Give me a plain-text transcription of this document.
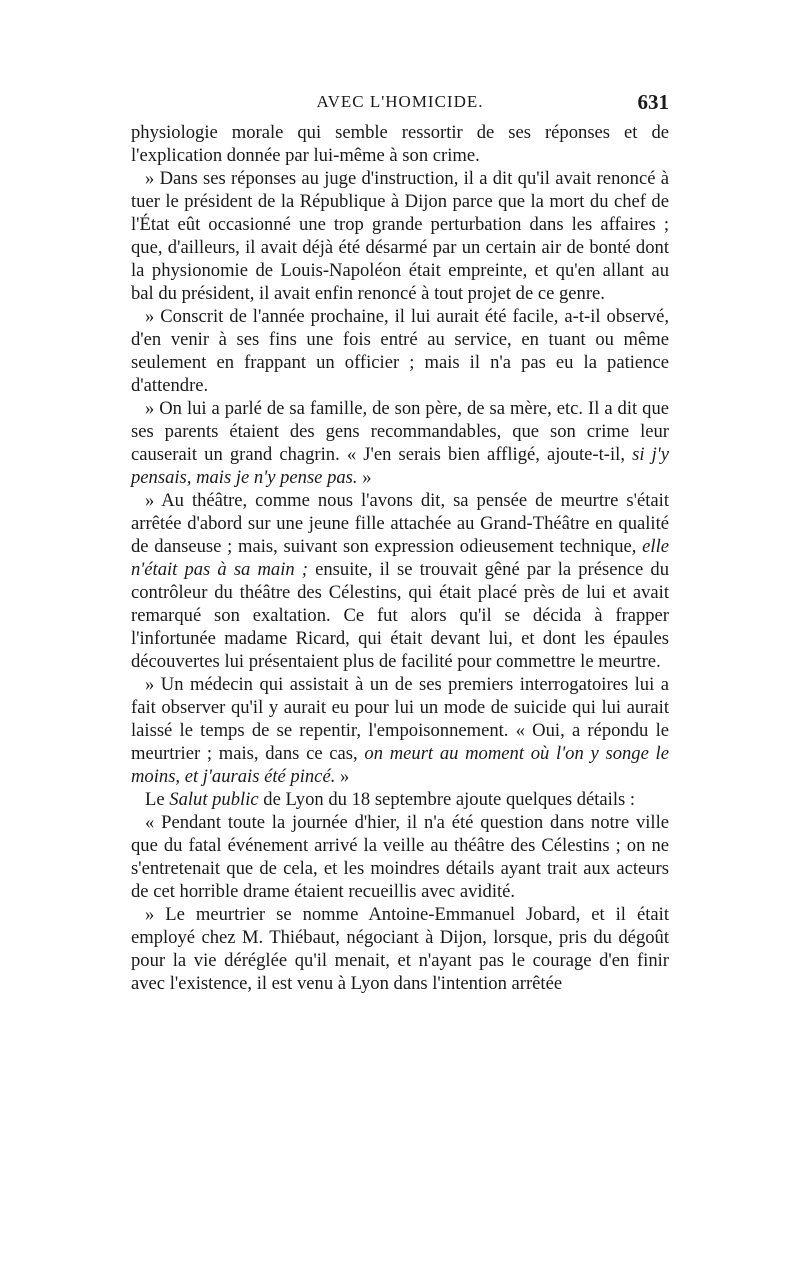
AVEC L'HOMICIDE.	631

physiologie morale qui semble ressortir de ses réponses et de l'explication donnée par lui-même à son crime.

» Dans ses réponses au juge d'instruction, il a dit qu'il avait renoncé à tuer le président de la République à Dijon parce que la mort du chef de l'État eût occasionné une trop grande perturbation dans les affaires ; que, d'ailleurs, il avait déjà été désarmé par un certain air de bonté dont la physionomie de Louis-Napoléon était empreinte, et qu'en allant au bal du président, il avait enfin renoncé à tout projet de ce genre.

» Conscrit de l'année prochaine, il lui aurait été facile, a-t-il observé, d'en venir à ses fins une fois entré au service, en tuant ou même seulement en frappant un officier ; mais il n'a pas eu la patience d'attendre.

» On lui a parlé de sa famille, de son père, de sa mère, etc. Il a dit que ses parents étaient des gens recommandables, que son crime leur causerait un grand chagrin. « J'en serais bien affligé, ajoute-t-il, si j'y pensais, mais je n'y pense pas. »

» Au théâtre, comme nous l'avons dit, sa pensée de meurtre s'était arrêtée d'abord sur une jeune fille attachée au Grand-Théâtre en qualité de danseuse ; mais, suivant son expression odieusement technique, elle n'était pas à sa main ; ensuite, il se trouvait gêné par la présence du contrôleur du théâtre des Célestins, qui était placé près de lui et avait remarqué son exaltation. Ce fut alors qu'il se décida à frapper l'infortunée madame Ricard, qui était devant lui, et dont les épaules découvertes lui présentaient plus de facilité pour commettre le meurtre.

» Un médecin qui assistait à un de ses premiers interrogatoires lui a fait observer qu'il y aurait eu pour lui un mode de suicide qui lui aurait laissé le temps de se repentir, l'empoisonnement. « Oui, a répondu le meurtrier ; mais, dans ce cas, on meurt au moment où l'on y songe le moins, et j'aurais été pincé. »

Le Salut public de Lyon du 18 septembre ajoute quelques détails :

« Pendant toute la journée d'hier, il n'a été question dans notre ville que du fatal événement arrivé la veille au théâtre des Célestins ; on ne s'entretenait que de cela, et les moindres détails ayant trait aux acteurs de cet horrible drame étaient recueillis avec avidité.

» Le meurtrier se nomme Antoine-Emmanuel Jobard, et il était employé chez M. Thiébaut, négociant à Dijon, lorsque, pris du dégoût pour la vie déréglée qu'il menait, et n'ayant pas le courage d'en finir avec l'existence, il est venu à Lyon dans l'intention arrêtée
